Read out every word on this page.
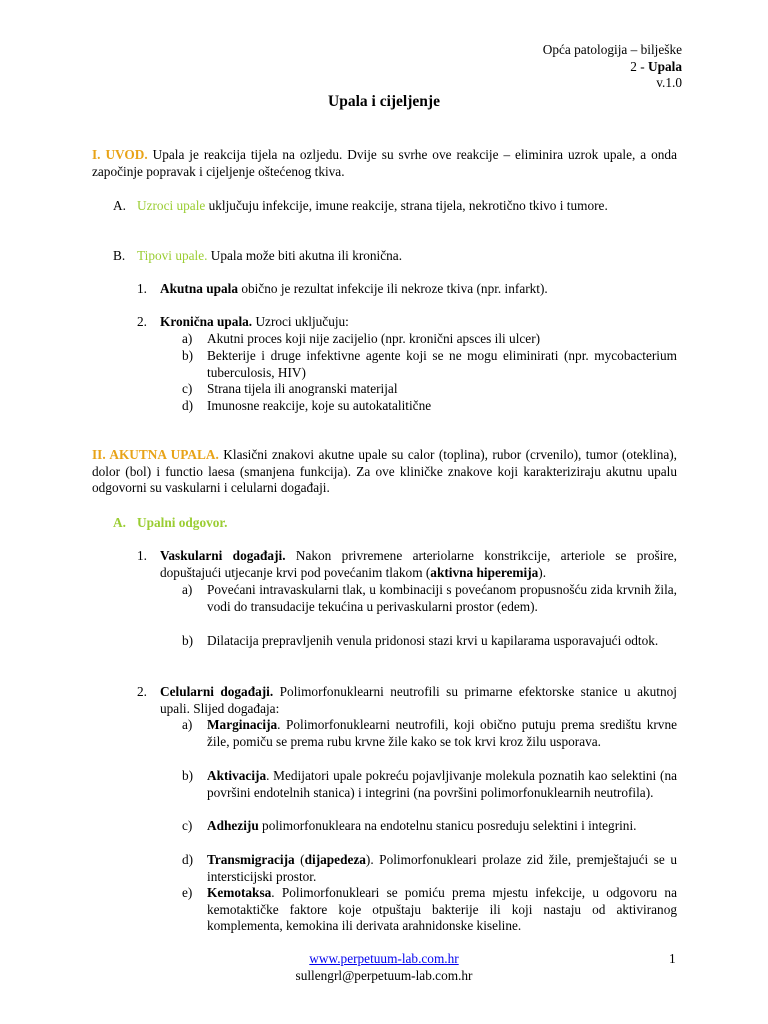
Opća patologija – bilješke
2 - Upala
v.1.0
Upala i cijeljenje
I. UVOD. Upala je reakcija tijela na ozljedu. Dvije su svrhe ove reakcije – eliminira uzrok upale, a onda započinje popravak i cijeljenje oštećenog tkiva.
A. Uzroci upale uključuju infekcije, imune reakcije, strana tijela, nekrotično tkivo i tumore.
B. Tipovi upale. Upala može biti akutna ili kronična.
1. Akutna upala obično je rezultat infekcije ili nekroze tkiva (npr. infarkt).
2. Kronična upala. Uzroci uključuju:
a) Akutni proces koji nije zacijelio (npr. kronični apsces ili ulcer)
b) Bekterije i druge infektivne agente koji se ne mogu eliminirati (npr. mycobacterium tuberculosis, HIV)
c) Strana tijela ili anogranski materijal
d) Imunosne reakcije, koje su autokatalitične
II. AKUTNA UPALA. Klasični znakovi akutne upale su calor (toplina), rubor (crvenilo), tumor (oteklina), dolor (bol) i functio laesa (smanjena funkcija). Za ove kliničke znakove koji karakteriziraju akutnu upalu odgovorni su vaskularni i celularni događaji.
A. Upalni odgovor.
1. Vaskularni događaji. Nakon privremene arteriolarne konstrikcije, arteriole se prošire, dopuštajući utjecanje krvi pod povećanim tlakom (aktivna hiperemija).
a) Povećani intravaskularni tlak, u kombinaciji s povećanom propusnošću zida krvnih žila, vodi do transudacije tekućina u perivaskularni prostor (edem).
b) Dilatacija prepravljenih venula pridonosi stazi krvi u kapilarama usporavajući odtok.
2. Celularni događaji. Polimorfonuklearni neutrofili su primarne efektorske stanice u akutnoj upali. Slijed događaja:
a) Marginacija. Polimorfonuklearni neutrofili, koji obično putuju prema središtu krvne žile, pomiču se prema rubu krvne žile kako se tok krvi kroz žilu usporava.
b) Aktivacija. Medijatori upale pokreću pojavljivanje molekula poznatih kao selektini (na površini endotelnih stanica) i integrini (na površini polimorfonuklearnih neutrofila).
c) Adheziju polimorfonukleara na endotelnu stanicu posreduju selektini i integrini.
d) Transmigracija (dijapedeza). Polimorfonukleari prolaze zid žile, premještajući se u intersticijski prostor.
e) Kemotaksa. Polimorfonukleari se pomiću prema mjestu infekcije, u odgovoru na kemotaktičke faktore koje otpuštaju bakterije ili koji nastaju od aktiviranog komplementa, kemokina ili derivata arahnidonske kiseline.
www.perpetuum-lab.com.hr
sullengrl@perpetuum-lab.com.hr
1
